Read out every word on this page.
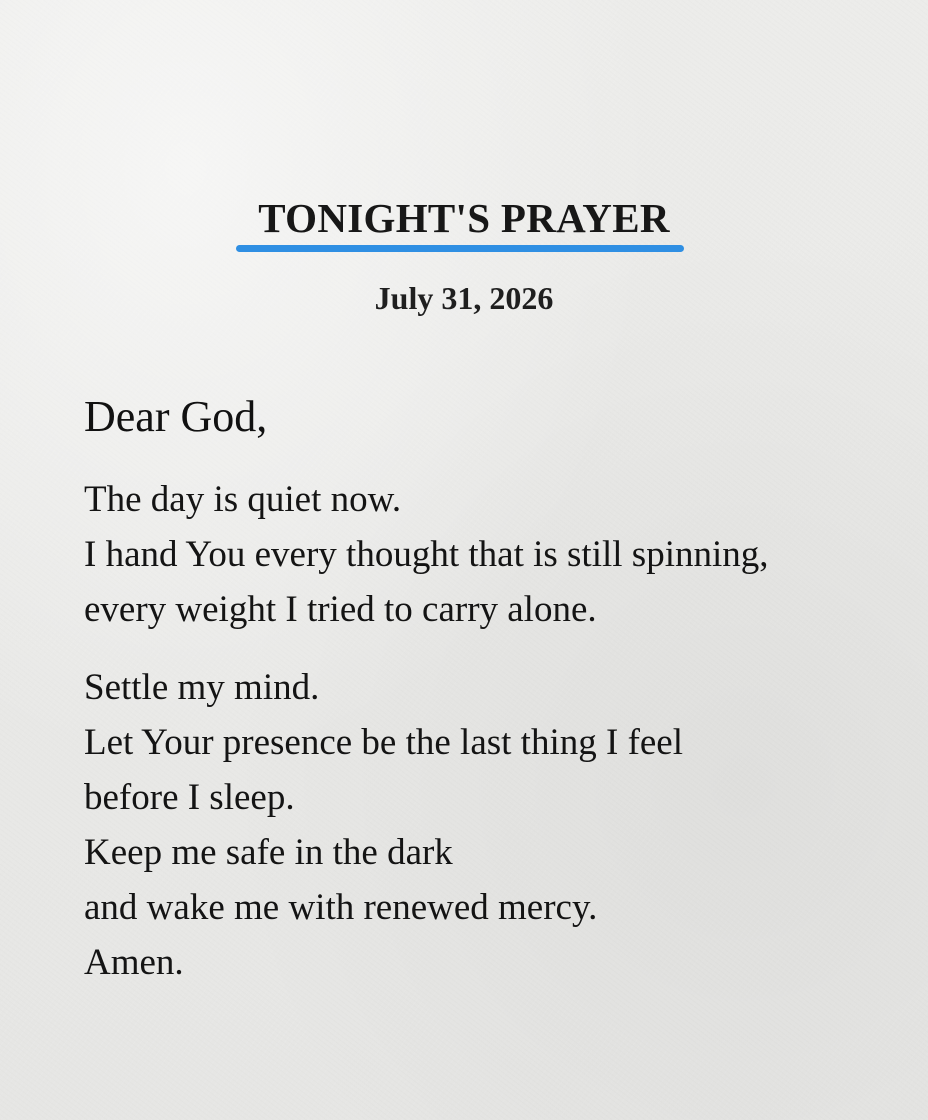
TONIGHT'S PRAYER
July 31, 2026
Dear God,
The day is quiet now.
I hand You every thought that is still spinning,
every weight I tried to carry alone.
Settle my mind.
Let Your presence be the last thing I feel
before I sleep.
Keep me safe in the dark
and wake me with renewed mercy.
Amen.
